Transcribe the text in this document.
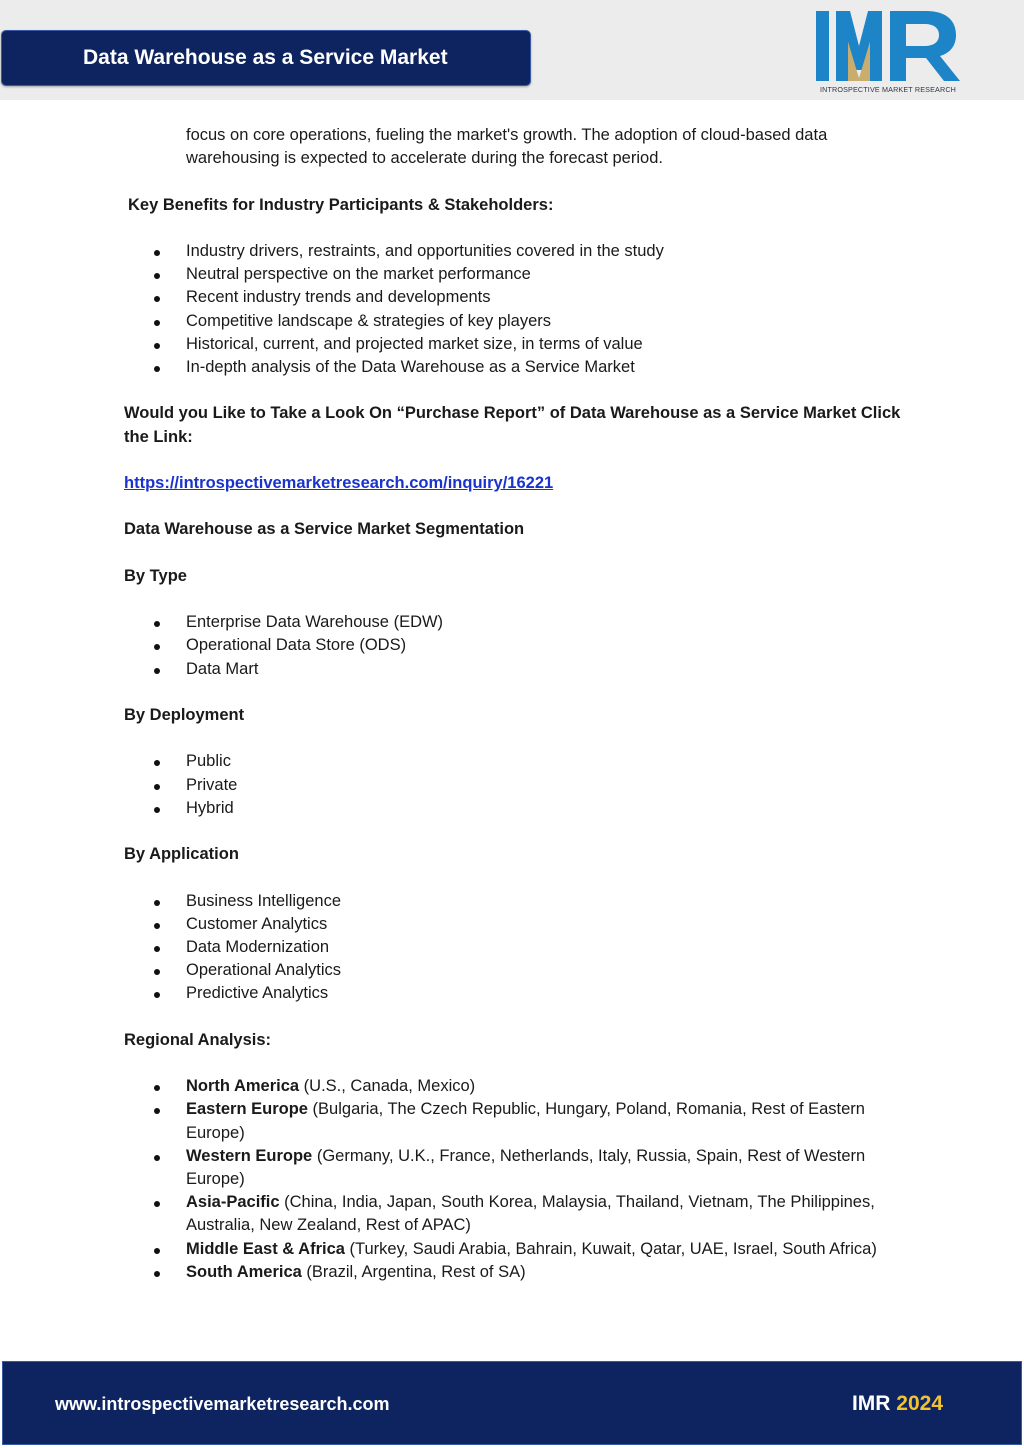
Data Warehouse as a Service Market
INTROSPECTIVE MARKET RESEARCH

focus on core operations, fueling the market's growth. The adoption of cloud-based data warehousing is expected to accelerate during the forecast period.

Key Benefits for Industry Participants & Stakeholders:

Industry drivers, restraints, and opportunities covered in the study
Neutral perspective on the market performance
Recent industry trends and developments
Competitive landscape & strategies of key players
Historical, current, and projected market size, in terms of value
In-depth analysis of the Data Warehouse as a Service Market

Would you Like to Take a Look On “Purchase Report” of Data Warehouse as a Service Market Click the Link:

https://introspectivemarketresearch.com/inquiry/16221

Data Warehouse as a Service Market Segmentation

By Type

Enterprise Data Warehouse (EDW)
Operational Data Store (ODS)
Data Mart

By Deployment

Public
Private
Hybrid

By Application

Business Intelligence
Customer Analytics
Data Modernization
Operational Analytics
Predictive Analytics

Regional Analysis:

North America (U.S., Canada, Mexico)
Eastern Europe (Bulgaria, The Czech Republic, Hungary, Poland, Romania, Rest of Eastern Europe)
Western Europe (Germany, U.K., France, Netherlands, Italy, Russia, Spain, Rest of Western Europe)
Asia-Pacific (China, India, Japan, South Korea, Malaysia, Thailand, Vietnam, The Philippines, Australia, New Zealand, Rest of APAC)
Middle East & Africa (Turkey, Saudi Arabia, Bahrain, Kuwait, Qatar, UAE, Israel, South Africa)
South America (Brazil, Argentina, Rest of SA)
www.introspectivemarketresearch.com	IMR 2024
